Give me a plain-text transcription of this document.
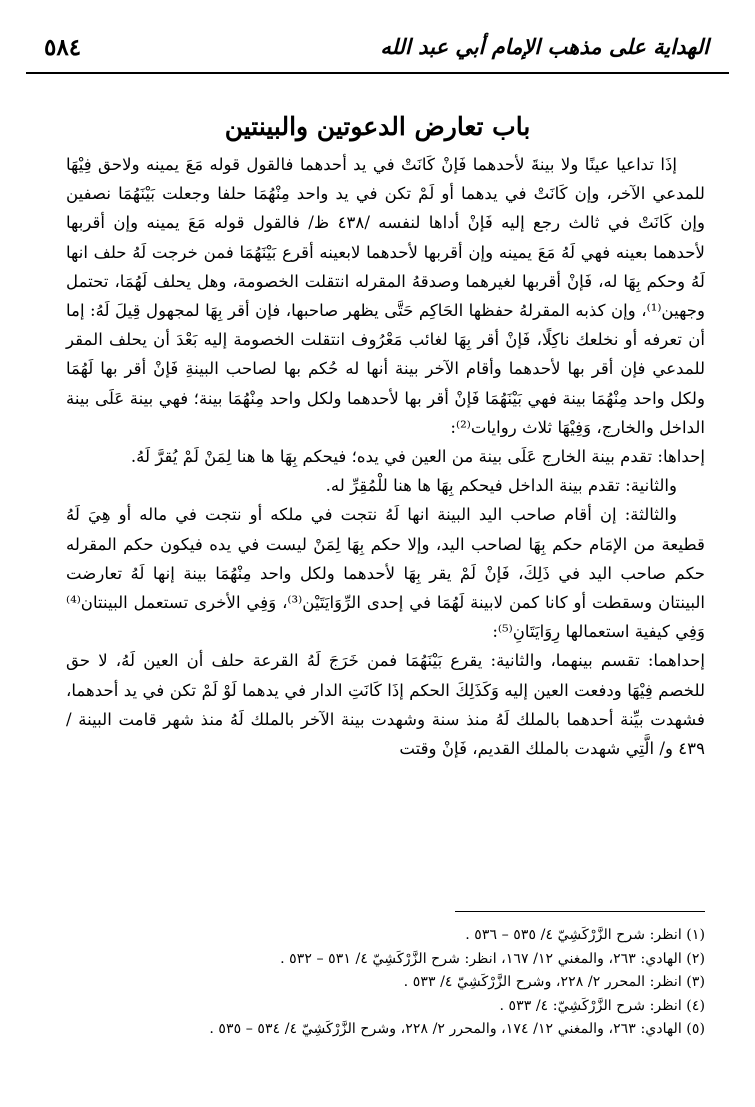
الهداية على مذهب الإمام أبي عبد الله
٥٨٤
باب تعارض الدعوتين والبينتين

إذَا تداعيا عينًا ولا بينةَ لأحدهما فَإنْ كَانَتْ في يد أحدهما فالقول قوله مَعَ يمينه ولاحق فِيْهَا للمدعي الآخر، وإن كَانَتْ في يدهما أو لَمْ تكن في يد واحد مِنْهُمَا حلفا وجعلت بَيْنَهُمَا نصفين وإن كَانَتْ في ثالث رجع إليه فَإنْ أداها لنفسه /٤٣٨ ظ/ فالقول قوله مَعَ يمينه وإن أقربها لأحدهما بعينه فهي لَهُ مَعَ يمينه وإن أقربها لأحدهما لابعينه أقرع بَيْنَهُمَا فمن خرجت لَهُ حلف انها لَهُ وحكم بِهَا له، فَإنْ أقربها لغيرهما وصدقهُ المقرله انتقلت الخصومة، وهل يحلف لَهُمَا، تحتمل وجهين⁽¹⁾، وإن كذبه المقرلهُ حفظها الحَاكِم حَتَّى يظهر صاحبها، فإن أقر بِهَا لمجهول قِيلَ لَهُ: إما أن تعرفه أو نخلعك ناكِلًا، فَإنْ أقر بِهَا لغائب مَعْرُوف انتقلت الخصومة إليه بَعْدَ أن يحلف المقر للمدعي فإن أقر بها لأحدهما وأقام الآخر بينة أنها له حُكم بها لصاحب البينةِ فَإنْ أقر بها لَهُمَا ولكل واحد مِنْهُمَا بينة فهي بَيْنَهُمَا فَإنْ أقر بها لأحدهما ولكل واحد مِنْهُمَا بينة؛ فهي بينة عَلَى بينة الداخل والخارج، وَفِيْهَا ثلاث روايات⁽²⁾:

إحداها: تقدم بينة الخارج عَلَى بينة من العين في يده؛ فيحكم بِهَا ها هنا لِمَنْ لَمْ يُقرَّ لَهُ.

والثانية: تقدم بينة الداخل فيحكم بِهَا ها هنا للْمُقِرِّ له.

والثالثة: إن أقام صاحب اليد البينة انها لَهُ نتجت في ملكه أو نتجت في ماله أو هِيَ لَهُ قطيعة من الإمَام حكم بِهَا لصاحب اليد، وإلا حكم بِهَا لِمَنْ ليست في يده فيكون حكم المقرله حكم صاحب اليد في ذَلِكَ، فَإنْ لَمْ يقر بِهَا لأحدهما ولكل واحد مِنْهُمَا بينة إنها لَهُ تعارضت البينتان وسقطت أو كانا كمن لابينة لَهُمَا في إحدى الرِّوَايَتَيْن⁽³⁾، وَفِي الأخرى تستعمل البينتان⁽⁴⁾ وَفِي كيفية استعمالها رِوَايَتَانِ⁽⁵⁾:

إحداهما: تقسم بينهما، والثانية: يقرع بَيْنَهُمَا فمن خَرَجَ لَهُ القرعة حلف أن العين لَهُ، لا حق للخصم فِيْهَا ودفعت العين إليه وَكَذَلِكَ الحكم إذَا كَانَتِ الدار في يدهما لَوْ لَمْ تكن في يد أحدهما، فشهدت بيِّنة أحدهما بالملك لَهُ منذ سنة وشهدت بينة الآخر بالملك لَهُ منذ شهر قامت البينة /٤٣٩ و/ الَّتِي شهدت بالملك القديم، فَإنْ وقتت

(١) انظر: شرح الزَّرْكَشِيّ ٤/ ٥٣٥ – ٥٣٦ .

(٢) الهادي: ٢٦٣، والمغني ١٢/ ١٦٧، انظر: شرح الزَّرْكَشِيّ ٤/ ٥٣١ – ٥٣٢ .

(٣) انظر: المحرر ٢/ ٢٢٨، وشرح الزَّرْكَشِيّ ٤/ ٥٣٣ .

(٤) انظر: شرح الزَّرْكَشِيّ: ٤/ ٥٣٣ .

(٥) الهادي: ٢٦٣، والمغني ١٢/ ١٧٤، والمحرر ٢/ ٢٢٨، وشرح الزَّرْكَشِيّ ٤/ ٥٣٤ – ٥٣٥ .
